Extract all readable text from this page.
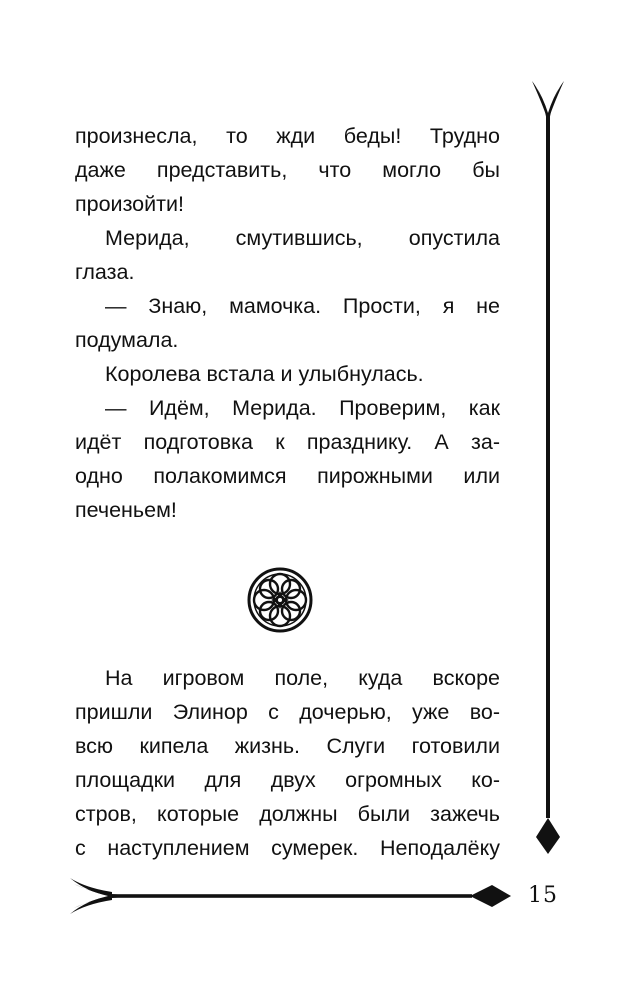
произнесла, то жди беды! Трудно
даже представить, что могло бы
произойти!
Мерида, смутившись, опустила
глаза.
— Знаю, мамочка. Прости, я не
подумала.
Королева встала и улыбнулась.
— Идём, Мерида. Проверим, как
идёт подготовка к празднику. А за-
одно полакомимся пирожными или
печеньем!
На игровом поле, куда вскоре
пришли Элинор с дочерью, уже во-
всю кипела жизнь. Слуги готовили
площадки для двух огромных ко-
стров, которые должны были зажечь
с наступлением сумерек. Неподалёку
15
